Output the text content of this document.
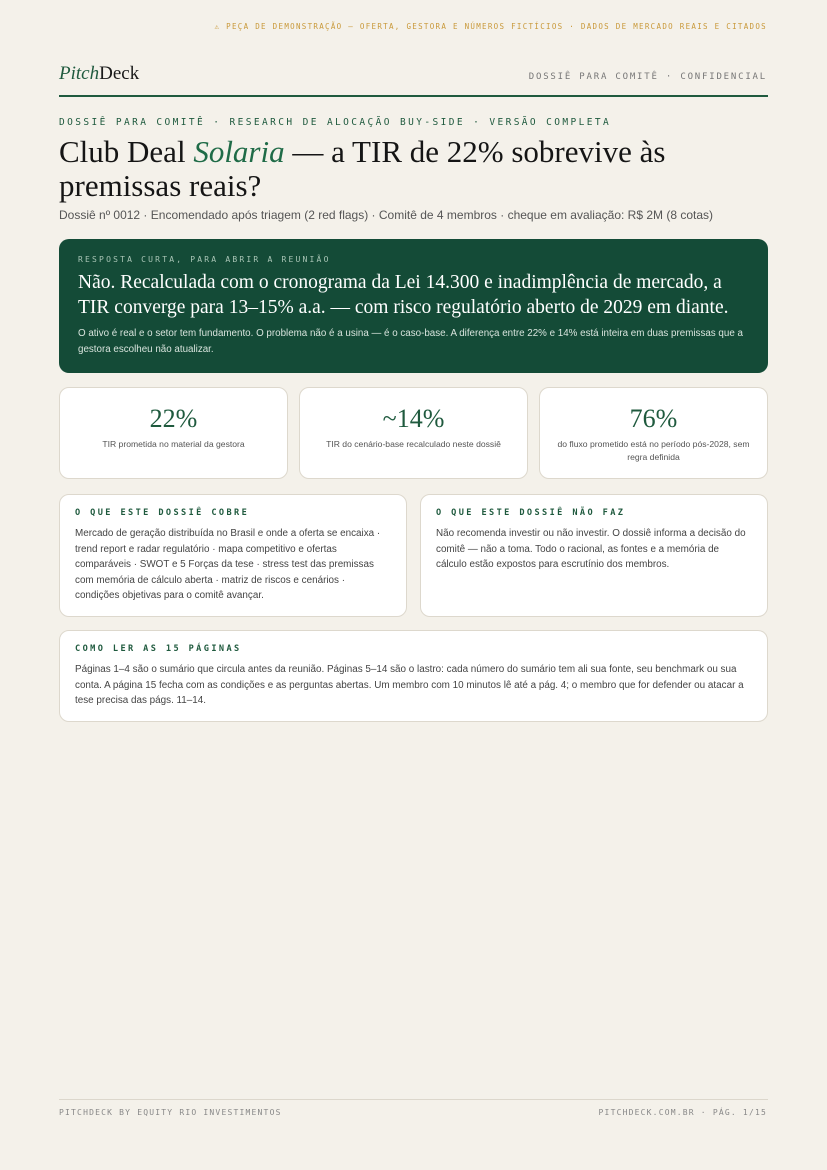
⚠ PEÇA DE DEMONSTRAÇÃO — OFERTA, GESTORA E NÚMEROS FICTÍCIOS · DADOS DE MERCADO REAIS E CITADOS
PitchDeck	DOSSIÊ PARA COMITÊ · CONFIDENCIAL
DOSSIÊ PARA COMITÊ · RESEARCH DE ALOCAÇÃO BUY-SIDE · VERSÃO COMPLETA
Club Deal Solaria — a TIR de 22% sobrevive às premissas reais?
Dossiê nº 0012 · Encomendado após triagem (2 red flags) · Comitê de 4 membros · cheque em avaliação: R$ 2M (8 cotas)
RESPOSTA CURTA, PARA ABRIR A REUNIÃO
Não. Recalculada com o cronograma da Lei 14.300 e inadimplência de mercado, a TIR converge para 13–15% a.a. — com risco regulatório aberto de 2029 em diante.
O ativo é real e o setor tem fundamento. O problema não é a usina — é o caso-base. A diferença entre 22% e 14% está inteira em duas premissas que a gestora escolheu não atualizar.
22%
TIR prometida no material da gestora
~14%
TIR do cenário-base recalculado neste dossiê
76%
do fluxo prometido está no período pós-2028, sem regra definida
O QUE ESTE DOSSIÊ COBRE
Mercado de geração distribuída no Brasil e onde a oferta se encaixa · trend report e radar regulatório · mapa competitivo e ofertas comparáveis · SWOT e 5 Forças da tese · stress test das premissas com memória de cálculo aberta · matriz de riscos e cenários · condições objetivas para o comitê avançar.
O QUE ESTE DOSSIÊ NÃO FAZ
Não recomenda investir ou não investir. O dossiê informa a decisão do comitê — não a toma. Todo o racional, as fontes e a memória de cálculo estão expostos para escrutínio dos membros.
COMO LER AS 15 PÁGINAS
Páginas 1–4 são o sumário que circula antes da reunião. Páginas 5–14 são o lastro: cada número do sumário tem ali sua fonte, seu benchmark ou sua conta. A página 15 fecha com as condições e as perguntas abertas. Um membro com 10 minutos lê até a pág. 4; o membro que for defender ou atacar a tese precisa das págs. 11–14.
PITCHDECK BY EQUITY RIO INVESTIMENTOS	PITCHDECK.COM.BR · PÁG. 1/15
